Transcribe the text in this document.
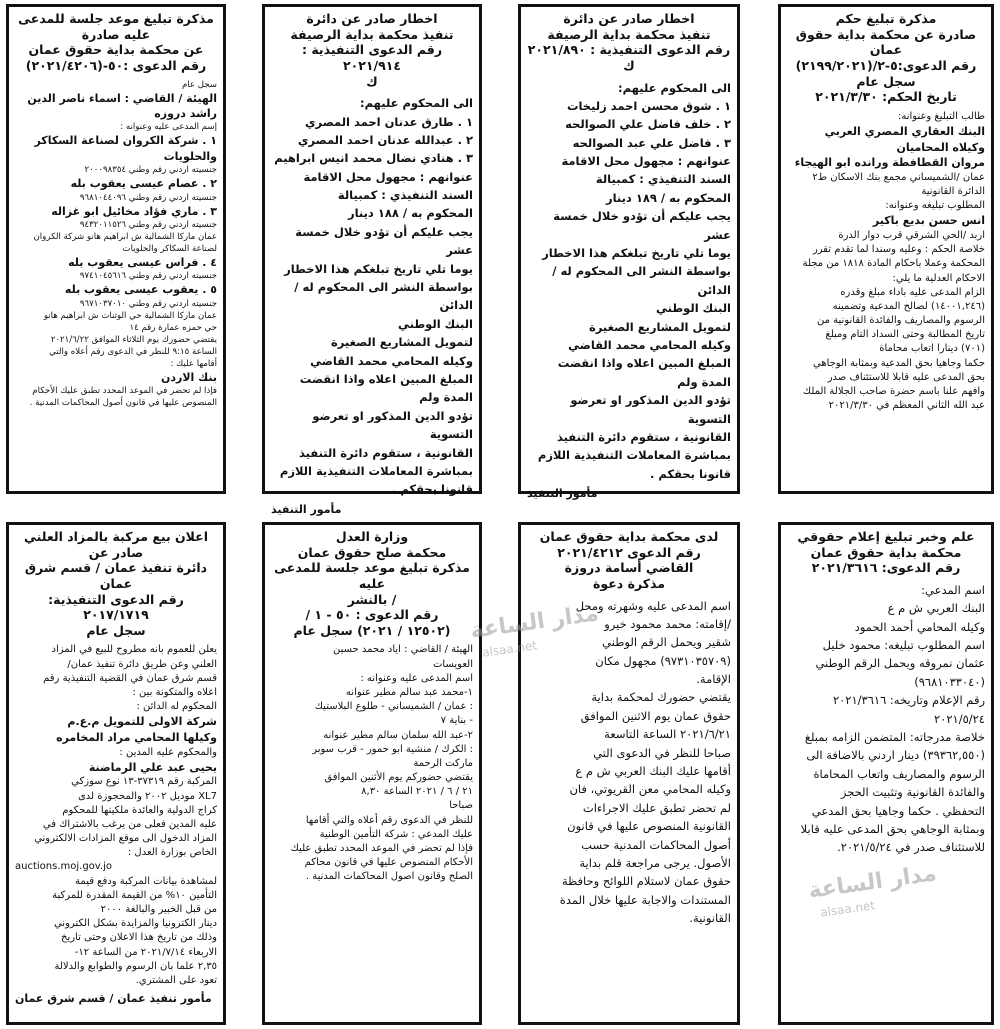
مذكرة تبليغ حكم
صادرة عن محكمة بداية حقوق عمان
رقم الدعوى:٥-٢/(٢١٩٩/٢٠٢١) سجل عام
تاريخ الحكم: ٢٠٢١/٣/٣٠
طالب التبليغ وعنوانه:
البنك العقاري المصري العربي
وكيلاه المحاميان
مروان القطافطة ورانده ابو الهيجاء
عمان /الشميساني مجمع بنك الاسكان ط٢
الدائرة القانونية
المطلوب تبليغه وعنوانه:
انس حسن بديع باكير
اربد /الحي الشرقي قرب دوار الدرة
خلاصة الحكم : وعليه وسندا لما تقدم تقرر
المحكمة وعملا باحكام المادة ١٨١٨ من مجلة
الاحكام العدلية ما يلي:
الزام المدعى عليه باداء مبلغ وقدره
(١٤٠٠١,٢٤٦) لصالح المدعية وتضمينه
الرسوم والمصاريف والفائدة القانونية من
تاريخ المطالبة وحتى السداد التام ومبلغ
(٧٠١) دينارا اتعاب محاماة
حكما وجاهيا بحق المدعية وبمثابة الوجاهي
بحق المدعى عليه قابلا للاستئناف صدر
وافهم علنا باسم حضرة صاحب الجلالة الملك
عبد الله الثاني المعظم في ٢٠٢١/٣/٣٠
اخطار صادر عن دائرة
تنفيذ محكمة بداية الرصيفة
رقم الدعوى التنفيذية : ٢٠٢١/٨٩٠
ك
الى المحكوم عليهم:
١ . شوق محسن احمد زليخات
٢ . خلف فاضل علي الصوالحه
٣ . فاضل علي عبد الصوالحه
عنوانهم : مجهول محل الاقامة
السند التنفيذي : كمبيالة
المحكوم به / ١٨٩ دينار
يجب عليكم أن تؤدو خلال خمسة عشر
يوما تلي تاريخ تبلغكم هذا الاخطار
بواسطة النشر الى المحكوم له / الدائن
البنك الوطني
لتمويل المشاريع الصغيرة
وكيله المحامي محمد القاضي
المبلغ المبين اعلاه واذا انقضت المدة ولم
تؤدو الدين المذكور او تعرضو التسوية
القانونية ، ستقوم دائرة التنفيذ
بمباشرة المعاملات التنفيذية اللازم
قانونا بحقكم .
مأمور التنفيذ
اخطار صادر عن دائرة
تنفيذ محكمة بداية الرصيفة
رقم الدعوى التنفيذية : ٢٠٢١/٩١٤
ك
الى المحكوم عليهم:
١ . طارق عدنان احمد المصري
٢ . عبدالله عدنان احمد المصري
٣ . هنادي نضال محمد انيس ابراهيم
عنوانهم : مجهول محل الاقامة
السند التنفيذي : كمبيالة
المحكوم به / ١٨٨ دينار
يجب عليكم أن تؤدو خلال خمسة عشر
يوما تلي تاريخ تبلغكم هذا الاخطار
بواسطة النشر الى المحكوم له / الدائن
البنك الوطني
لتمويل المشاريع الصغيرة
وكيله المحامي محمد القاضي
المبلغ المبين اعلاه واذا انقضت المدة ولم
تؤدو الدين المذكور او تعرضو التسوية
القانونية ، ستقوم دائرة التنفيذ
بمباشرة المعاملات التنفيذية اللازم
قانونا بحقكم .
مأمور التنفيذ
مذكرة تبليغ موعد جلسة للمدعى عليه صادرة
عن محكمة بداية حقوق عمان
رقم الدعوى :٥٠-(٢٠٢١/٤٢٠٦)
سجل عام
الهيئة / القاضي : اسماء ناصر الدين راشد دروزه
إسم المدعى عليه وعنوانه :
١ . شركة الكروان لصناعة السكاكر والحلويات
جنسيته اردني رقم وطني ٢٠٠٠٩٨٣٥٤
٢ . عصام عيسى يعقوب بله
جنسيته اردني رقم وطني ٩٦٨١٠٤٤٠٩٦
٣ . ماري فؤاد مخائيل ابو غزاله
جنسيته اردني رقم وطني ٩٤٣٢٠١١٥٢٦
عمان ماركا الشمالية ش ابراهيم هانو شركة الكروان
لصناعة السكاكر والحلويات
٤ . فراس عيسى يعقوب بله
جنسيته اردني رقم وطني ٩٧٤١٠٤٥٦١٦
٥ . يعقوب عيسى يعقوب بله
جنسيته اردني رقم وطني ٩٦٧١٠٣٧٠١٠
عمان ماركا الشمالية حي الوثنات ش ابراهيم هانو
حي حمزه عمارة رقم ١٤
يقتضي حضورك يوم الثلاثاء الموافق ٢٠٢١/٦/٢٢
الساعة ٩:١٥ للنظر في الدعوى رقم أعلاه والتي
أقامها عليك :
بنك الاردن
فإذا لم تحضر في الموعد المحدد تطبق عليك الأحكام
المنصوص عليها في قانون أصول المحاكمات المدنية .
علم وخبر تبليغ إعلام حقوقي
محكمة بداية حقوق عمان
رقم الدعوى: ٢٠٢١/٣٦١٦
اسم المدعي:
البنك العربي ش م ع
وكيله المحامي أحمد الحمود
اسم المطلوب تبليغه: محمود خليل
عثمان نمروقه ويحمل الرقم الوطني
(٩٦٨١٠٣٣٠٤٠)
رقم الإعلام وتاريخه: ٢٠٢١/٣٦١٦
٢٠٢١/٥/٢٤
خلاصة مدرجاته: المتضمن الزامه بمبلغ
(٣٩٣٦٢,٥٥٠) دينار اردني بالاضافة الى
الرسوم والمصاريف واتعاب المحاماة
والفائدة القانونية وتثبيت الحجز
التحفظي . حكما وجاهيا بحق المدعي
وبمثابة الوجاهي بحق المدعى عليه قابلا
للاستئناف صدر في ٢٠٢١/٥/٢٤.
لدى محكمة بداية حقوق عمان
رقم الدعوى ٢٠٢١/٤٢١٢
القاضي أسامة دروزة
مذكرة دعوة
اسم المدعى عليه وشهرته ومحل
/إقامته: محمد محمود خيرو
شقير ويحمل الرقم الوطني
(٩٧٣١٠٣٥٧٠٩) مجهول مكان
الإقامة.
يقتضي حضورك لمحكمة بداية
حقوق عمان يوم الاثنين الموافق
٢٠٢١/٦/٢١ الساعة التاسعة
صباحا للنظر في الدعوى التي
أقامها عليك البنك العربي ش م ع
وكيله المحامي معن القريوتي، فان
لم تحضر تطبق عليك الاجراءات
القانونية المنصوص عليها في قانون
أصول المحاكمات المدنية حسب
الأصول. يرجى مراجعة قلم بداية
حقوق عمان لاستلام اللوائح وحافظة
المستندات والاجابة عليها خلال المدة
القانونية.
وزارة العدل
محكمة صلح حقوق عمان
مذكرة تبليغ موعد جلسة للمدعى عليه
/ بالنشر
رقم الدعوى : ٥٠ - ١ /
(١٢٥٠٢ / ٢٠٢١) سجل عام
الهيئة / القاضي : اياد محمد حسين
العويسات
اسم المدعى عليه وعنوانه :
١-محمد عبد سالم مطير عنوانه
: عمان / الشميساني - طلوع البلاستيك
- بناية ٧
٢-عبد الله سلمان سالم مطير عنوانه
: الكرك / منشية ابو حمور - قرب سوبر
ماركت الرحمة
يقتضي حضوركم يوم الأثنين الموافق
٢١ / ٦ / ٢٠٢١ الساعة ٨,٣٠
صباحا
للنظر في الدعوى رقم أعلاه والتي أقامها
عليك المدعي : شركة التأمين الوطنية
فإذا لم تحضر في الموعد المحدد تطبق عليك
الأحكام المنصوص عليها في قانون محاكم
الصلح وقانون اصول المحاكمات المدنية .
اعلان بيع مركبة بالمزاد العلني صادر عن
دائرة تنفيذ عمان / قسم شرق عمان
رقم الدعوى التنفيذية: ٢٠١٧/١٧١٩
سجل عام
يعلن للعموم بانه مطروح للبيع في المزاد
العلني وعن طريق دائرة تنفيذ عمان/
قسم شرق عمان في القضية التنفيذية رقم
اعلاه والمتكونة بين :
المحكوم له الدائن :
شركة الاولى للتمويل م.ع.م
وكيلها المحامي مراد المخامره
والمحكوم عليه المدين :
يحيى عبد علي الرماضنة
المركبة رقم ٣٧٣١٩-١٣ نوع سوزكي
XL7 موديل ٢٠٠٢ والمحجوزة لدى
كراج الدولية والعائدة ملكيتها للمحكوم
عليه المدين فعلى من يرغب بالاشتراك في
المزاد الدخول الى موقع المزادات الالكتروني
الخاص بوزارة العدل :
auctions.moj.gov.jo
لمشاهدة بيانات المركبة ودفع قيمة
التأمين ١٠% من القيمة المقدرة للمركبة
من قبل الخبير والبالغة ٢٠٠٠
دينار الكترونيا والمزايدة بشكل الكتروني
وذلك من تاريخ هذا الاعلان وحتى تاريخ
الاربعاء ٢٠٢١/٧/١٤ من الساعة ١٢-
٢,٣٥ علما بان الرسوم والطوابع والدلالة
تعود على المشتري.
مأمور تنفيذ عمان / قسم شرق عمان
مدار الساعة
alsaa.net
مدار الساعة
alsaa.net
